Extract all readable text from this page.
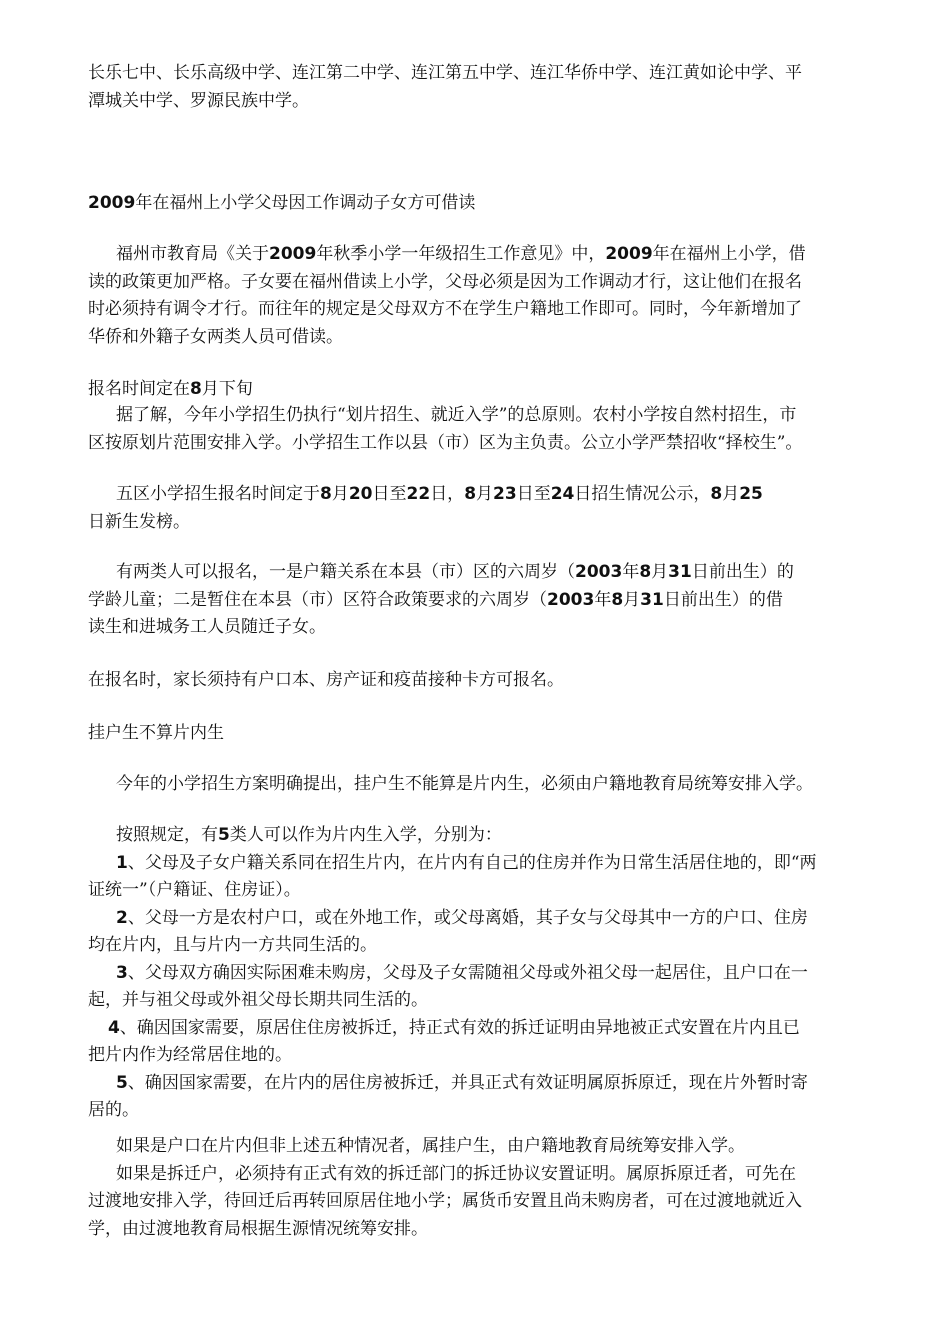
长乐七中、长乐高级中学、连江第二中学、连江第五中学、连江华侨中学、连江黄如论中学、平
潭城关中学、罗源民族中学。
2009年在福州上小学父母因工作调动子女方可借读
福州市教育局《关于2009年秋季小学一年级招生工作意见》中，2009年在福州上小学，借
读的政策更加严格。子女要在福州借读上小学，父母必须是因为工作调动才行，这让他们在报名
时必须持有调令才行。而往年的规定是父母双方不在学生户籍地工作即可。同时，今年新增加了
华侨和外籍子女两类人员可借读。
报名时间定在8月下旬
据了解，今年小学招生仍执行“划片招生、就近入学”的总原则。农村小学按自然村招生，市
区按原划片范围安排入学。小学招生工作以县（市）区为主负责。公立小学严禁招收“择校生”。
五区小学招生报名时间定于8月20日至22日，8月23日至24日招生情况公示，8月25
日新生发榜。
有两类人可以报名，一是户籍关系在本县（市）区的六周岁（2003年8月31日前出生）的
学龄儿童；二是暂住在本县（市）区符合政策要求的六周岁（2003年8月31日前出生）的借
读生和进城务工人员随迁子女。
在报名时，家长须持有户口本、房产证和疫苗接种卡方可报名。
挂户生不算片内生
今年的小学招生方案明确提出，挂户生不能算是片内生，必须由户籍地教育局统筹安排入学。
按照规定，有5类人可以作为片内生入学，分别为：
1、父母及子女户籍关系同在招生片内，在片内有自己的住房并作为日常生活居住地的，即“两
证统一”（户籍证、住房证）。
2、父母一方是农村户口，或在外地工作，或父母离婚，其子女与父母其中一方的户口、住房
均在片内，且与片内一方共同生活的。
3、父母双方确因实际困难未购房，父母及子女需随祖父母或外祖父母一起居住，且户口在一
起，并与祖父母或外祖父母长期共同生活的。
4、确因国家需要，原居住住房被拆迁，持正式有效的拆迁证明由异地被正式安置在片内且已
把片内作为经常居住地的。
5、确因国家需要，在片内的居住房被拆迁，并具正式有效证明属原拆原迁，现在片外暂时寄
居的。
如果是户口在片内但非上述五种情况者，属挂户生，由户籍地教育局统筹安排入学。
如果是拆迁户，必须持有正式有效的拆迁部门的拆迁协议安置证明。属原拆原迁者，可先在
过渡地安排入学，待回迁后再转回原居住地小学；属货币安置且尚未购房者，可在过渡地就近入
学，由过渡地教育局根据生源情况统筹安排。
